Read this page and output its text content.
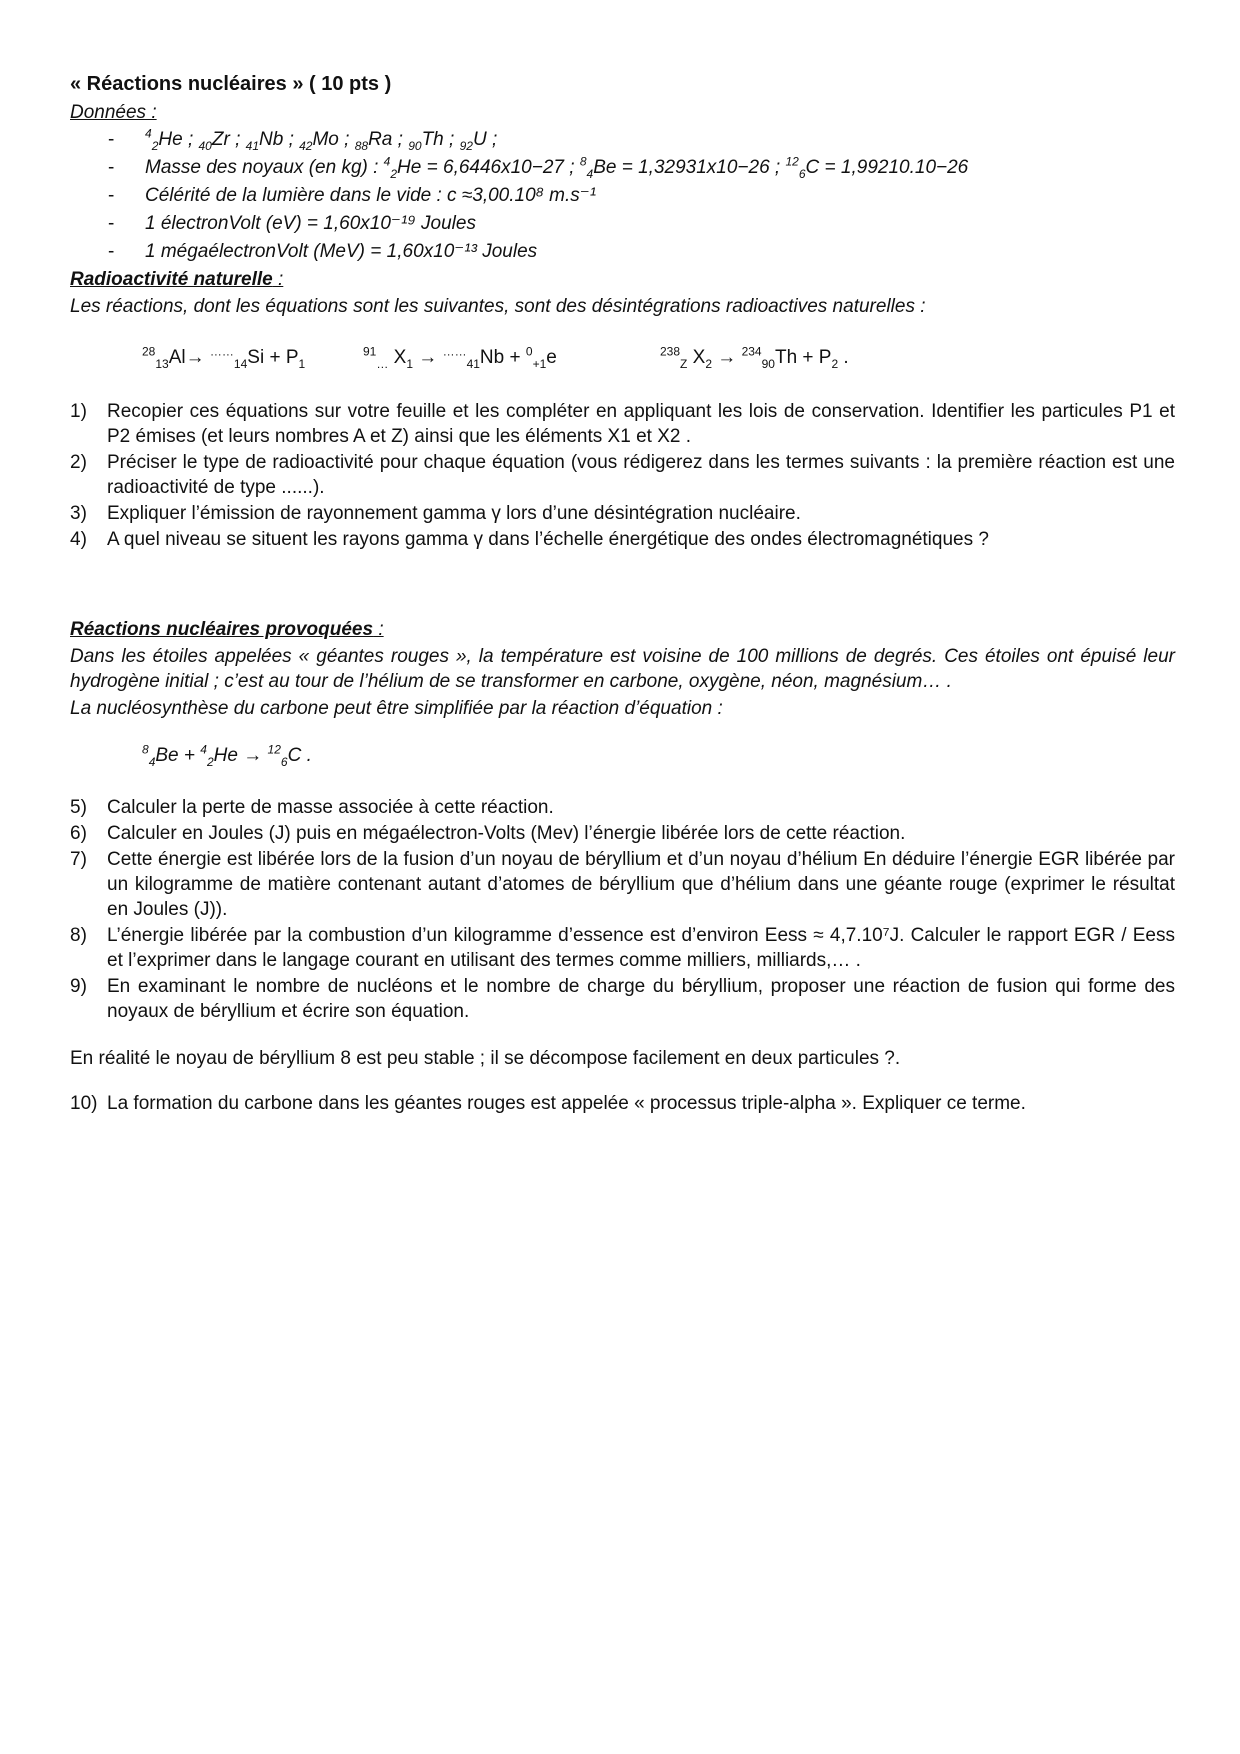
« Réactions nucléaires » ( 10 pts )
Données :
- $^4_2$He ; $_{40}$Zr ; $_{41}$Nb ; $_{42}$Mo ; $_{88}$Ra ; $_{90}$Th ; $_{92}$U ;
- Masse des noyaux (en kg) : $^4_2$He = 6,6446x10−27 ; $^8_4$Be = 1,32931x10−26 ; $^{12}_6$C = 1,99210.10−26
- Célérité de la lumière dans le vide : c ≈3,00.10⁸ m.s⁻¹
- 1 électronVolt (eV) = 1,60x10⁻¹⁹ Joules
- 1 mégaélectronVolt (MeV) = 1,60x10⁻¹³ Joules
Radioactivité naturelle :
Les réactions, dont les équations sont les suivantes, sont des désintégrations radioactives naturelles :
$^{28}_{13}Al\to ^{\dots\dots}_{14}Si + P_1$
$^{91}_\dots$ $X_1 \to ^{\dots\dots}_{41}Nb + ^0_{+1}e$	$^{238}_Z$ $X_2 \to ^{234}_{90}Th + P_2$ .
1) Recopier ces équations sur votre feuille et les compléter en appliquant les lois de conservation. Identifier les particules P1 et P2 émises (et leurs nombres A et Z) ainsi que les éléments X1 et X2 .
2) Préciser le type de radioactivité pour chaque équation (vous rédigerez dans les termes suivants : la première réaction est une radioactivité de type ......).
3) Expliquer l’émission de rayonnement gamma γ lors d’une désintégration nucléaire.
4) A quel niveau se situent les rayons gamma γ dans l’échelle énergétique des ondes électromagnétiques ?
Réactions nucléaires provoquées :
Dans les étoiles appelées « géantes rouges », la température est voisine de 100 millions de degrés. Ces étoiles ont épuisé leur hydrogène initial ; c’est au tour de l’hélium de se transformer en carbone, oxygène, néon, magnésium… .
La nucléosynthèse du carbone peut être simplifiée par la réaction d’équation :
$^8_4$Be + $^4_2$He → $^{12}_6$C .
5) Calculer la perte de masse associée à cette réaction.
6) Calculer en Joules (J) puis en mégaélectron-Volts (Mev) l’énergie libérée lors de cette réaction.
7) Cette énergie est libérée lors de la fusion d’un noyau de béryllium et d’un noyau d’hélium En déduire l’énergie EGR libérée par un kilogramme de matière contenant autant d’atomes de béryllium que d’hélium dans une géante rouge (exprimer le résultat en Joules (J)).
8) L’énergie libérée par la combustion d’un kilogramme d’essence est d’environ Eess ≈ 4,7.10⁷J. Calculer le rapport EGR / Eess et l’exprimer dans le langage courant en utilisant des termes comme milliers, milliards,… .
9) En examinant le nombre de nucléons et le nombre de charge du béryllium, proposer une réaction de fusion qui forme des noyaux de béryllium et écrire son équation.
En réalité le noyau de béryllium 8 est peu stable ; il se décompose facilement en deux particules ?.
10) La formation du carbone dans les géantes rouges est appelée « processus triple-alpha ». Expliquer ce terme.
